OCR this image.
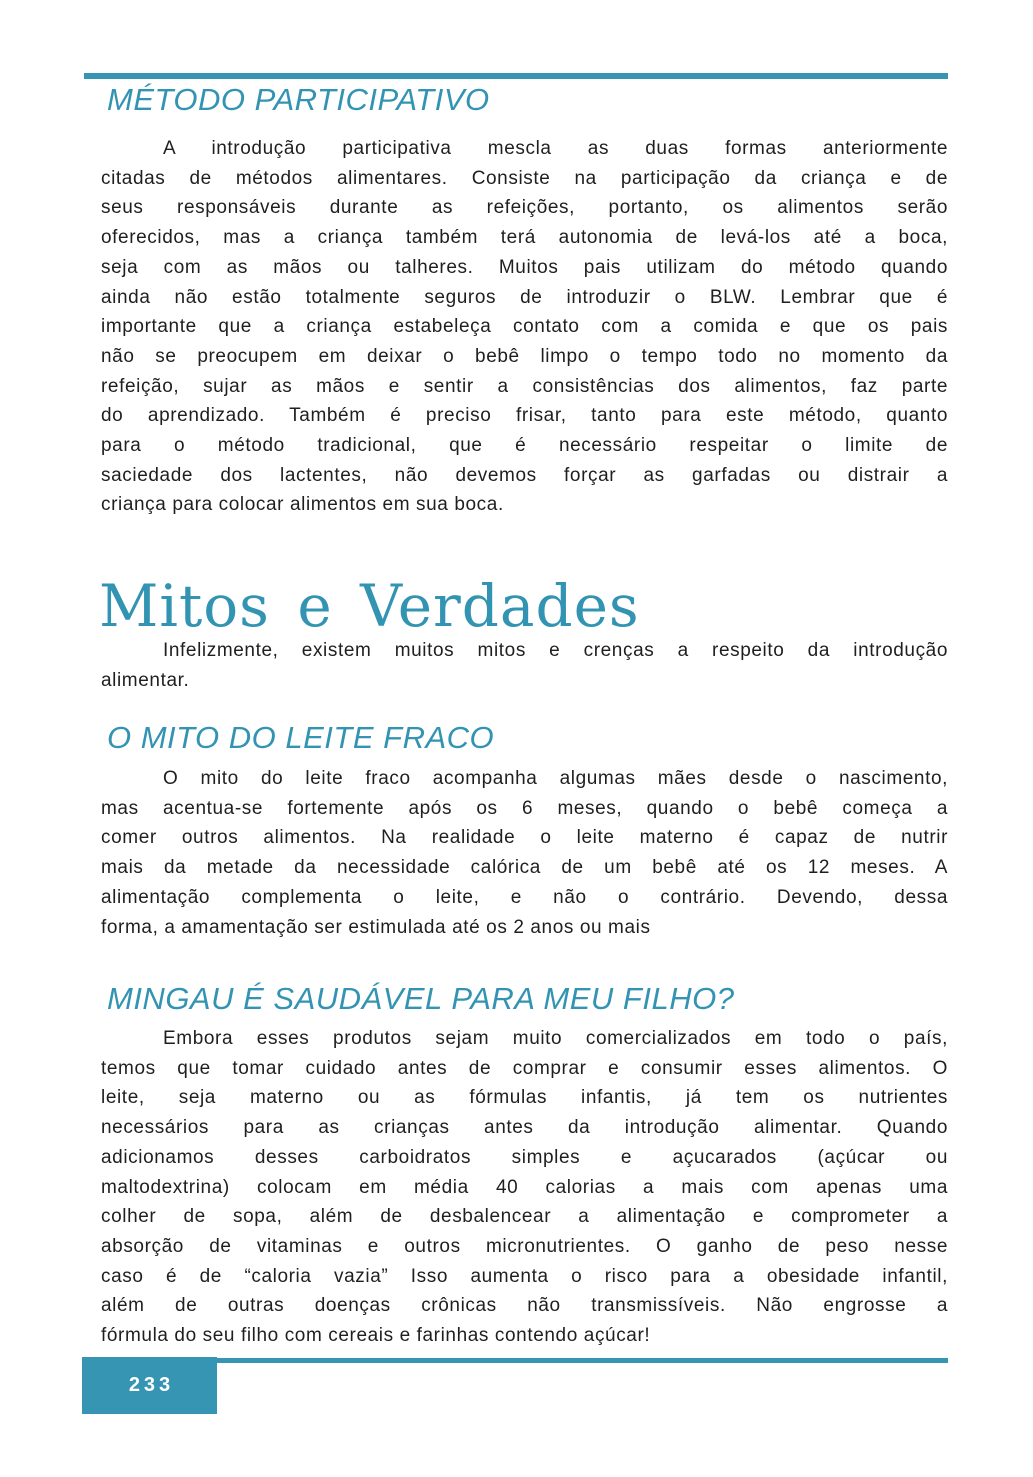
MÉTODO PARTICIPATIVO
A introdução participativa mescla as duas formas anteriormente
citadas de métodos alimentares. Consiste na participação da criança e de
seus responsáveis durante as refeições, portanto, os alimentos serão
oferecidos, mas a criança também terá autonomia de levá-los até a boca,
seja com as mãos ou talheres. Muitos pais utilizam do método quando
ainda não estão totalmente seguros de introduzir o BLW. Lembrar que é
importante que a criança estabeleça contato com a comida e que os pais
não se preocupem em deixar o bebê limpo o tempo todo no momento da
refeição, sujar as mãos e sentir a consistências dos alimentos, faz parte
do aprendizado. Também é preciso frisar, tanto para este método, quanto
para o método tradicional, que é necessário respeitar o limite de
saciedade dos lactentes, não devemos forçar as garfadas ou distrair a
criança para colocar alimentos em sua boca.
Mitos e Verdades
Infelizmente, existem muitos mitos e crenças a respeito da introdução
alimentar.
O MITO DO LEITE FRACO
O mito do leite fraco acompanha algumas mães desde o nascimento,
mas acentua-se fortemente após os 6 meses, quando o bebê começa a
comer outros alimentos. Na realidade o leite materno é capaz de nutrir
mais da metade da necessidade calórica de um bebê até os 12 meses. A
alimentação complementa o leite, e não o contrário. Devendo, dessa
forma, a amamentação ser estimulada até os 2 anos ou mais
MINGAU É SAUDÁVEL PARA MEU FILHO?
Embora esses produtos sejam muito comercializados em todo o país,
temos que tomar cuidado antes de comprar e consumir esses alimentos. O
leite, seja materno ou as fórmulas infantis, já tem os nutrientes
necessários para as crianças antes da introdução alimentar. Quando
adicionamos desses carboidratos simples e açucarados (açúcar ou
maltodextrina) colocam em média 40 calorias a mais com apenas uma
colher de sopa, além de desbalencear a alimentação e comprometer a
absorção de vitaminas e outros micronutrientes. O ganho de peso nesse
caso é de “caloria vazia” Isso aumenta o risco para a obesidade infantil,
além de outras doenças crônicas não transmissíveis. Não engrosse a
fórmula do seu filho com cereais e farinhas contendo açúcar!
233
